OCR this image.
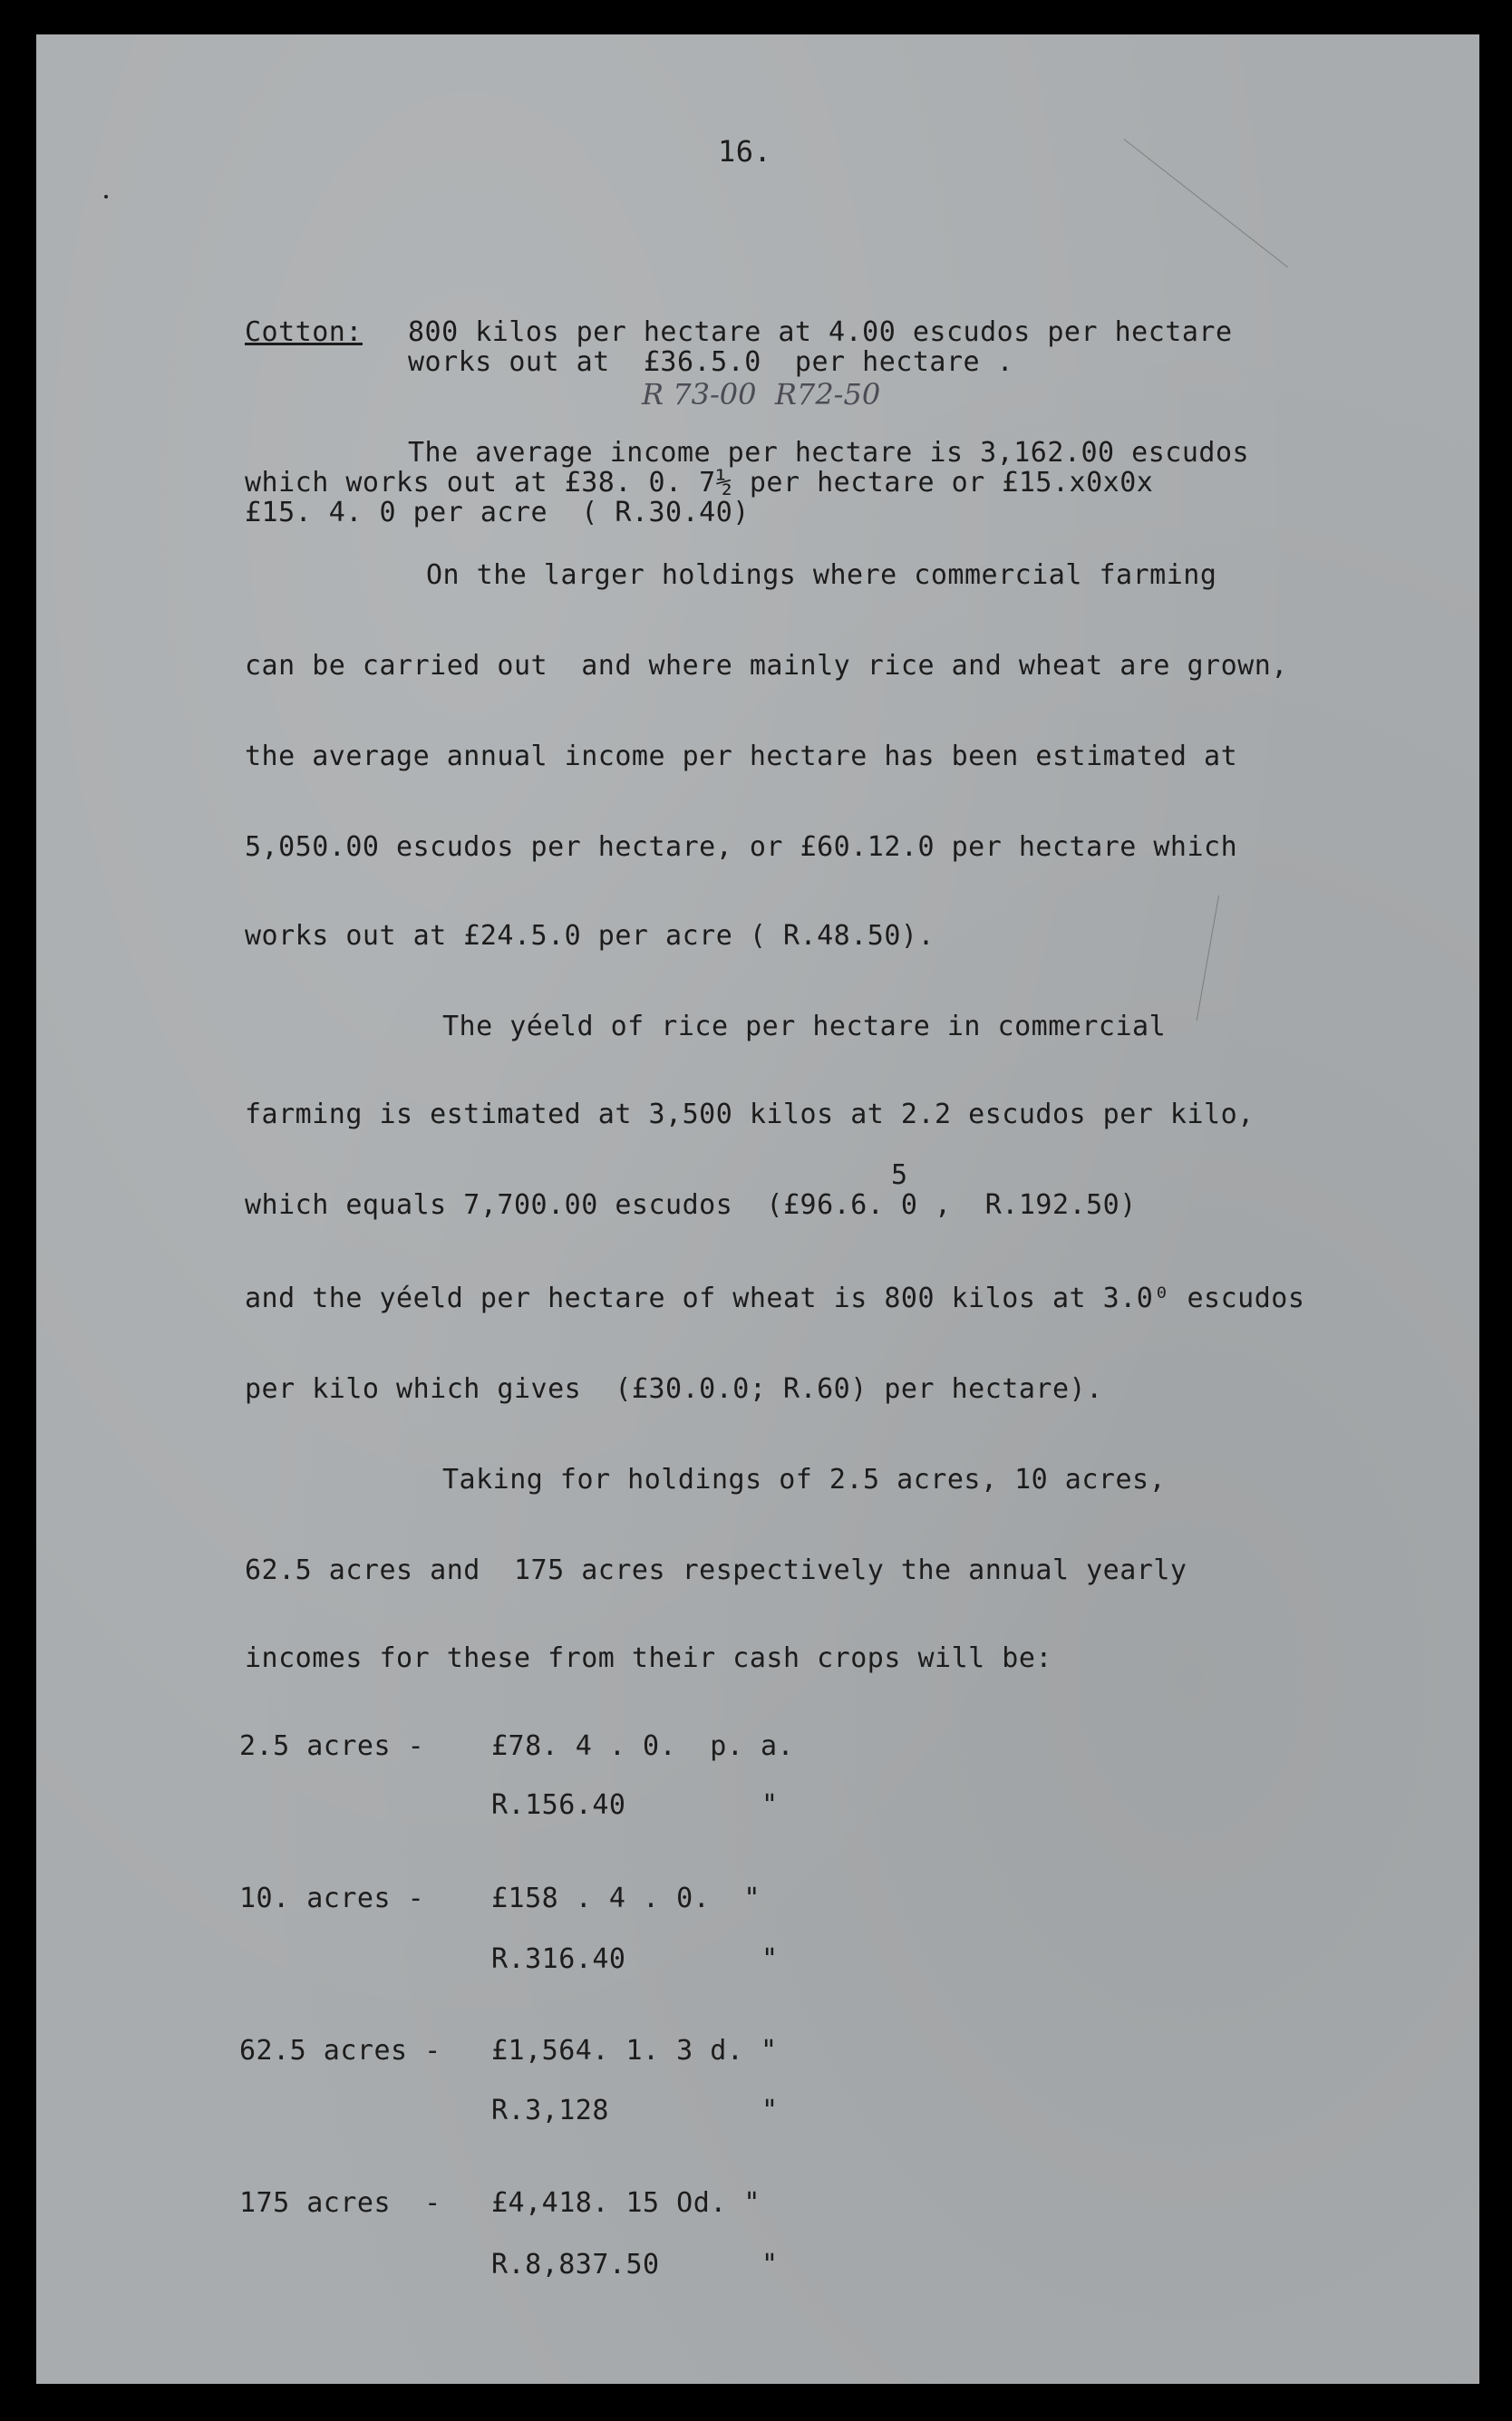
16.
Cotton: 800 kilos per hectare at 4.00 escudos per hectare
works out at  £36.5.0  per hectare .
R 73-00  R72-50
The average income per hectare is 3,162.00 escudos
which works out at £38. 0. 7½ per hectare or £15.x0x0x
£15. 4. 0 per acre  ( R.30.40)
On the larger holdings where commercial farming
can be carried out  and where mainly rice and wheat are grown,
the average annual income per hectare has been estimated at
5,050.00 escudos per hectare, or £60.12.0 per hectare which
works out at £24.5.0 per acre ( R.48.50).
The yéeld of rice per hectare in commercial
farming is estimated at 3,500 kilos at 2.2 escudos per kilo,
5
which equals 7,700.00 escudos  (£96.6. 0 ,  R.192.50)
and the yéeld per hectare of wheat is 800 kilos at 3.0⁰ escudos
per kilo which gives  (£30.0.0; R.60) per hectare).
Taking for holdings of 2.5 acres, 10 acres,
62.5 acres and  175 acres respectively the annual yearly
incomes for these from their cash crops will be:
2.5 acres - £78. 4 . 0.  p. a.
R.156.40	"
10. acres - £158 . 4 . 0.  "
R.316.40	"
62.5 acres - £1,564. 1. 3 d. "
R.3,128	"
175 acres  - £4,418. 15 Od. "
R.8,837.50	"
